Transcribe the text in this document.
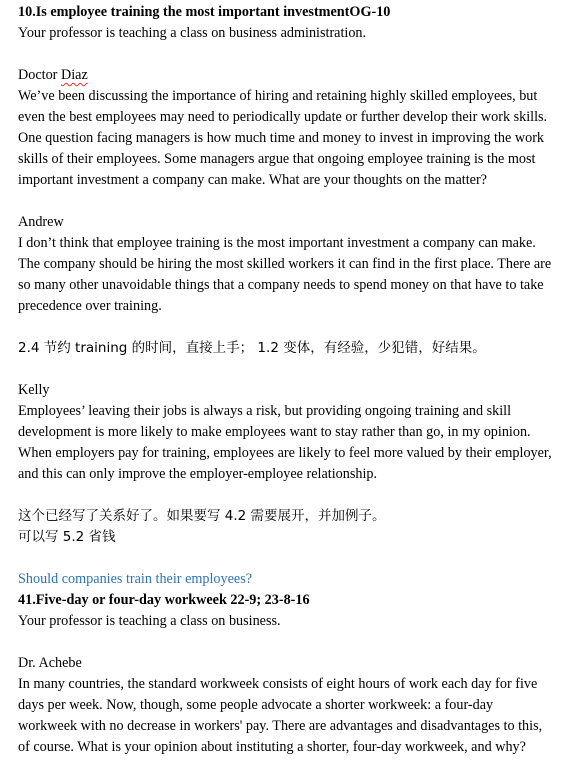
10.Is employee training the most important investmentOG-10
Your professor is teaching a class on business administration.
Doctor Diaz
We’ve been discussing the importance of hiring and retaining highly skilled employees, but
even the best employees may need to periodically update or further develop their work skills.
One question facing managers is how much time and money to invest in improving the work
skills of their employees. Some managers argue that ongoing employee training is the most
important investment a company can make. What are your thoughts on the matter?
Andrew
I don’t think that employee training is the most important investment a company can make.
The company should be hiring the most skilled workers it can find in the first place. There are
so many other unavoidable things that a company needs to spend money on that have to take
precedence over training.
2.4 节约 training 的时间，直接上手； 1.2 变体，有经验，少犯错，好结果。
Kelly
Employees’ leaving their jobs is always a risk, but providing ongoing training and skill
development is more likely to make employees want to stay rather than go, in my opinion.
When employers pay for training, employees are likely to feel more valued by their employer,
and this can only improve the employer-employee relationship.
这个已经写了关系好了。如果要写 4.2 需要展开，并加例子。
可以写 5.2 省钱
Should companies train their employees?
41.Five-day or four-day workweek 22-9; 23-8-16
Your professor is teaching a class on business.
Dr. Achebe
In many countries, the standard workweek consists of eight hours of work each day for five
days per week. Now, though, some people advocate a shorter workweek: a four-day
workweek with no decrease in workers' pay. There are advantages and disadvantages to this,
of course. What is your opinion about instituting a shorter, four-day workweek, and why?
